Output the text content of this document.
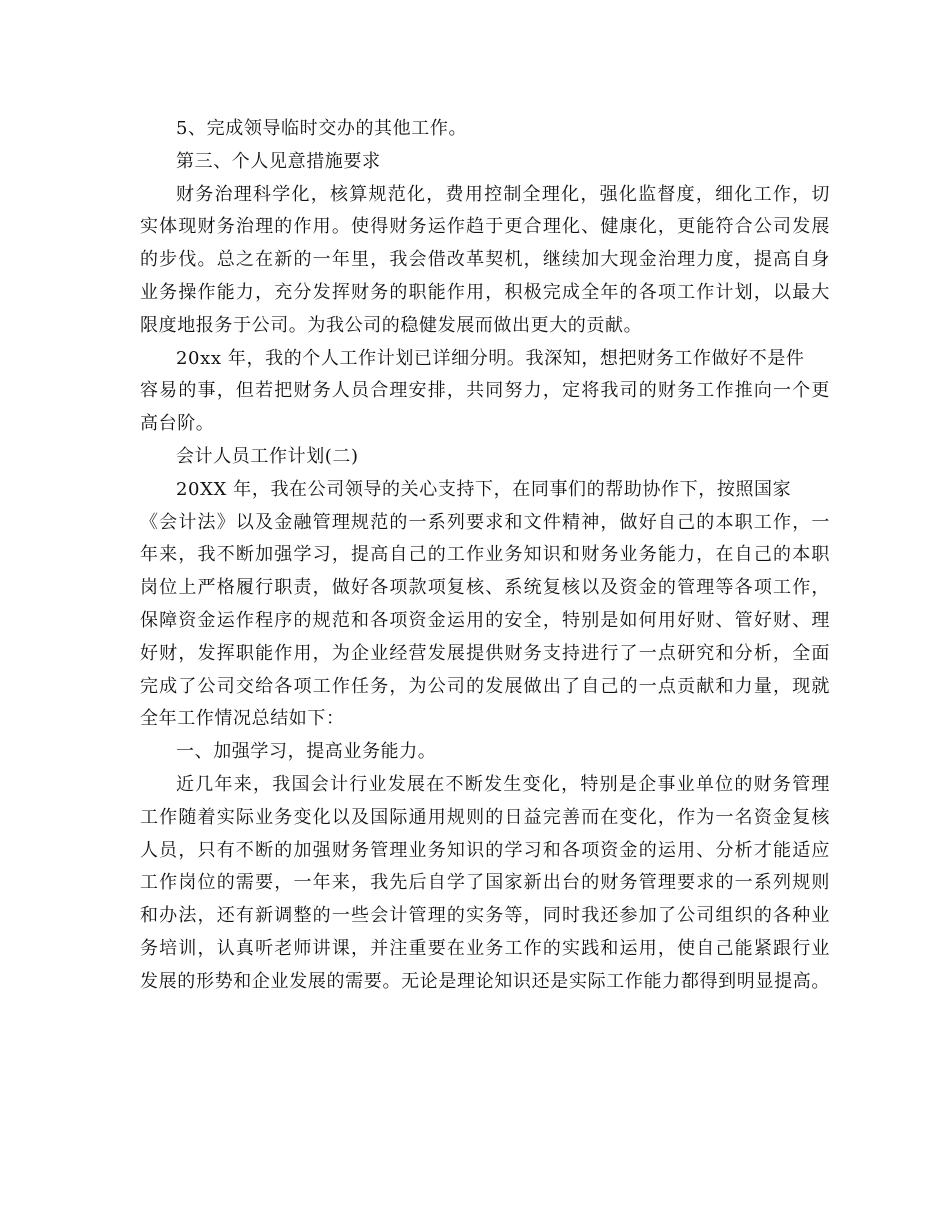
5、完成领导临时交办的其他工作。
第三、个人见意措施要求
财务治理科学化，核算规范化，费用控制全理化，强化监督度，细化工作，切
实体现财务治理的作用。使得财务运作趋于更合理化、健康化，更能符合公司发展
的步伐。总之在新的一年里，我会借改革契机，继续加大现金治理力度，提高自身
业务操作能力，充分发挥财务的职能作用，积极完成全年的各项工作计划，以最大
限度地报务于公司。为我公司的稳健发展而做出更大的贡献。
20xx 年，我的个人工作计划已详细分明。我深知，想把财务工作做好不是件
容易的事，但若把财务人员合理安排，共同努力，定将我司的财务工作推向一个更
高台阶。
会计人员工作计划(二)
20XX 年，我在公司领导的关心支持下，在同事们的帮助协作下，按照国家
《会计法》以及金融管理规范的一系列要求和文件精神，做好自己的本职工作，一
年来，我不断加强学习，提高自己的工作业务知识和财务业务能力，在自己的本职
岗位上严格履行职责，做好各项款项复核、系统复核以及资金的管理等各项工作，
保障资金运作程序的规范和各项资金运用的安全，特别是如何用好财、管好财、理
好财，发挥职能作用，为企业经营发展提供财务支持进行了一点研究和分析，全面
完成了公司交给各项工作任务，为公司的发展做出了自己的一点贡献和力量，现就
全年工作情况总结如下：
一、加强学习，提高业务能力。
近几年来，我国会计行业发展在不断发生变化，特别是企事业单位的财务管理
工作随着实际业务变化以及国际通用规则的日益完善而在变化，作为一名资金复核
人员，只有不断的加强财务管理业务知识的学习和各项资金的运用、分析才能适应
工作岗位的需要，一年来，我先后自学了国家新出台的财务管理要求的一系列规则
和办法，还有新调整的一些会计管理的实务等，同时我还参加了公司组织的各种业
务培训，认真听老师讲课，并注重要在业务工作的实践和运用，使自己能紧跟行业
发展的形势和企业发展的需要。无论是理论知识还是实际工作能力都得到明显提高。
